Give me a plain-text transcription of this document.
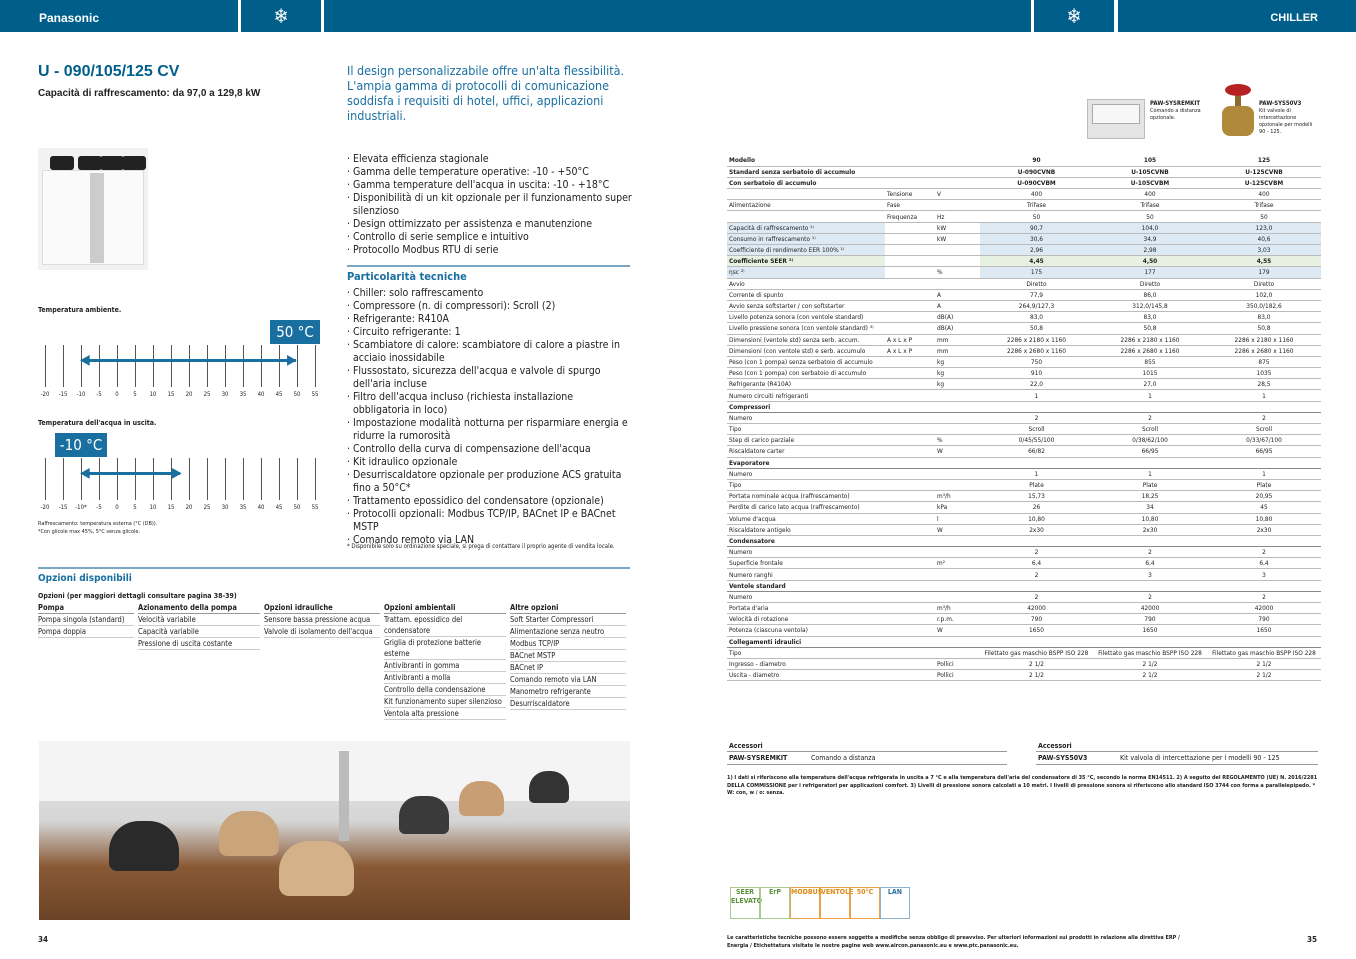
❄	❄
Panasonic	CHILLER
U - 090/105/125 CV
Capacità di raffrescamento: da 97,0 a 129,8 kW
Il design personalizzabile offre un'alta flessibilità. L'ampia gamma di protocolli di comunicazione soddisfa i requisiti di hotel, uffici, applicazioni industriali.
· Elevata efficienza stagionale
· Gamma delle temperature operative: -10 - +50°C
· Gamma temperature dell'acqua in uscita: -10 - +18°C
· Disponibilità di un kit opzionale per il funzionamento super silenzioso
· Design ottimizzato per assistenza e manutenzione
· Controllo di serie semplice e intuitivo
· Protocollo Modbus RTU di serie
Particolarità tecniche
· Chiller: solo raffrescamento
· Compressore (n. di compressori): Scroll (2)
· Refrigerante: R410A
· Circuito refrigerante: 1
· Scambiatore di calore: scambiatore di calore a piastre in acciaio inossidabile
· Flussostato, sicurezza dell'acqua e valvole di spurgo dell'aria incluse
· Filtro dell'acqua incluso (richiesta installazione obbligatoria in loco)
· Impostazione modalità notturna per risparmiare energia e ridurre la rumorosità
· Controllo della curva di compensazione dell'acqua
· Kit idraulico opzionale
· Desurriscaldatore opzionale per produzione ACS gratuita fino a 50°C*
· Trattamento epossidico del condensatore (opzionale)
· Protocolli opzionali: Modbus TCP/IP, BACnet IP e BACnet MSTP
· Comando remoto via LAN
* Disponibile solo su ordinazione speciale, si prega di contattare il proprio agente di vendita locale.
Temperatura ambiente.
50 °C
-20	-15	-10	-5	0	5	10	15	20	25	30	35	40	45	50	55
◀	▶
Temperatura dell'acqua in uscita.
-10 °C
-20	-15	-10*	-5	0	5	10	15	20	25	30	35	40	45	50	55
◀	▶
Raffrescamento: temperatura esterna (°C (DB)).
*Con glicole max 45%, 5°C senza glicole.
Opzioni disponibili
Opzioni (per maggiori dettagli consultare pagina 38-39)
Pompa
Pompa singola (standard)
Pompa doppia
Azionamento della pompa
Velocità variabile
Capacità variabile
Pressione di uscita costante
Opzioni idrauliche
Sensore bassa pressione acqua
Valvole di isolamento dell'acqua
Opzioni ambientali
Trattam. epossidico del condensatore
Griglia di protezione batterie esterne
Antivibranti in gomma
Antivibranti a molla
Controllo della condensazione
Kit funzionamento super silenzioso
Ventola alta pressione
Altre opzioni
Soft Starter Compressori
Alimentazione senza neutro
Modbus TCP/IP
BACnet MSTP
BACnet IP
Comando remoto via LAN
Manometro refrigerante
Desurriscaldatore
34
PAW-SYSREMKIT
Comando a distanza opzionale.
PAW-SYS50V3
Kit valvole di intercettazione opzionale per modelli 90 - 125.
Modello			90	105	125
Standard senza serbatoio di accumulo			U-090CVNB	U-105CVNB	U-125CVNB
Con serbatoio di accumulo			U-090CVBM	U-105CVBM	U-125CVBM
	Tensione	V	400	400	400
Alimentazione	Fase		Trifase	Trifase	Trifase
	Frequenza	Hz	50	50	50
Capacità di raffrescamento ¹⁾		kW	90,7	104,0	123,0
Consumo in raffrescamento ¹⁾		kW	30,6	34,9	40,6
Coefficiente di rendimento EER 100% ¹⁾			2,96	2,98	3,03
Coefficiente SEER ²⁾			4,45	4,50	4,55
ηsc ²⁾		%	175	177	179
Avvio			Diretto	Diretto	Diretto
Corrente di spunto		A	77,9	86,0	102,0
Avvio senza softstarter / con softstarter		A	264,9/127,3	312,0/145,8	350,0/182,6
Livello potenza sonora (con ventole standard)		dB(A)	83,0	83,0	83,0
Livello pressione sonora (con ventole standard) ³⁾		dB(A)	50,8	50,8	50,8
Dimensioni (ventole std) senza serb. accum.	A x L x P	mm	2286 x 2180 x 1160	2286 x 2180 x 1160	2286 x 2180 x 1160
Dimensioni (con ventole std) e serb. accumulo	A x L x P	mm	2286 x 2680 x 1160	2286 x 2680 x 1160	2286 x 2680 x 1160
Peso (con 1 pompa) senza serbatoio di accumulo		kg	750	855	875
Peso (con 1 pompa) con serbatoio di accumulo		kg	910	1015	1035
Refrigerante (R410A)		kg	22,0	27,0	28,5
Numero circuiti refrigeranti			1	1	1
Compressori					
Numero			2	2	2
Tipo			Scroll	Scroll	Scroll
Step di carico parziale		%	0/45/55/100	0/38/62/100	0/33/67/100
Riscaldatore carter		W	66/82	66/95	66/95
Evaporatore					
Numero			1	1	1
Tipo			Plate	Plate	Plate
Portata nominale acqua (raffrescamento)		m³/h	15,73	18,25	20,95
Perdite di carico lato acqua (raffrescamento)		kPa	26	34	45
Volume d'acqua		l	10,80	10,80	10,80
Riscaldatore antigelo		W	2x30	2x30	2x30
Condensatore					
Numero			2	2	2
Superficie frontale		m²	6,4	6,4	6,4
Numero ranghi			2	3	3
Ventole standard					
Numero			2	2	2
Portata d'aria		m³/h	42000	42000	42000
Velocità di rotazione		r.p.m.	790	790	790
Potenza (ciascuna ventola)		W	1650	1650	1650
Collegamenti idraulici					
Tipo			Filettato gas maschio BSPP ISO 228	Filettato gas maschio BSPP ISO 228	Filettato gas maschio BSPP ISO 228
Ingresso - diametro		Pollici	2 1/2	2 1/2	2 1/2
Uscita - diametro		Pollici	2 1/2	2 1/2	2 1/2
Accessori
PAW-SYSREMKIT	Comando a distanza
Accessori
PAW-SYS50V3	Kit valvola di intercettazione per i modelli 90 - 125
1) I dati si riferiscono alla temperatura dell'acqua refrigerata in uscita a 7 °C e alla temperatura dell'aria del condensatore di 35 °C, secondo la norma EN14511. 2) A seguito del REGOLAMENTO (UE) N. 2016/2281 DELLA COMMISSIONE per i refrigeratori per applicazioni comfort. 3) Livelli di pressione sonora calcolati a 10 metri. I livelli di pressione sonora si riferiscono allo standard ISO 3744 con forma a parallelepipedo. * W: con, w / o: senza.
SEER ELEVATO
ErP	MODBUS
VENTOLE 50°C	LAN
Le caratteristiche tecniche possono essere soggette a modifiche senza obbligo di preavviso. Per ulteriori informazioni sui prodotti in relazione alla direttiva ERP / Energia / Etichettatura visitate le nostre pagine web www.aircon.panasonic.eu e www.ptc.panasonic.eu.
35
